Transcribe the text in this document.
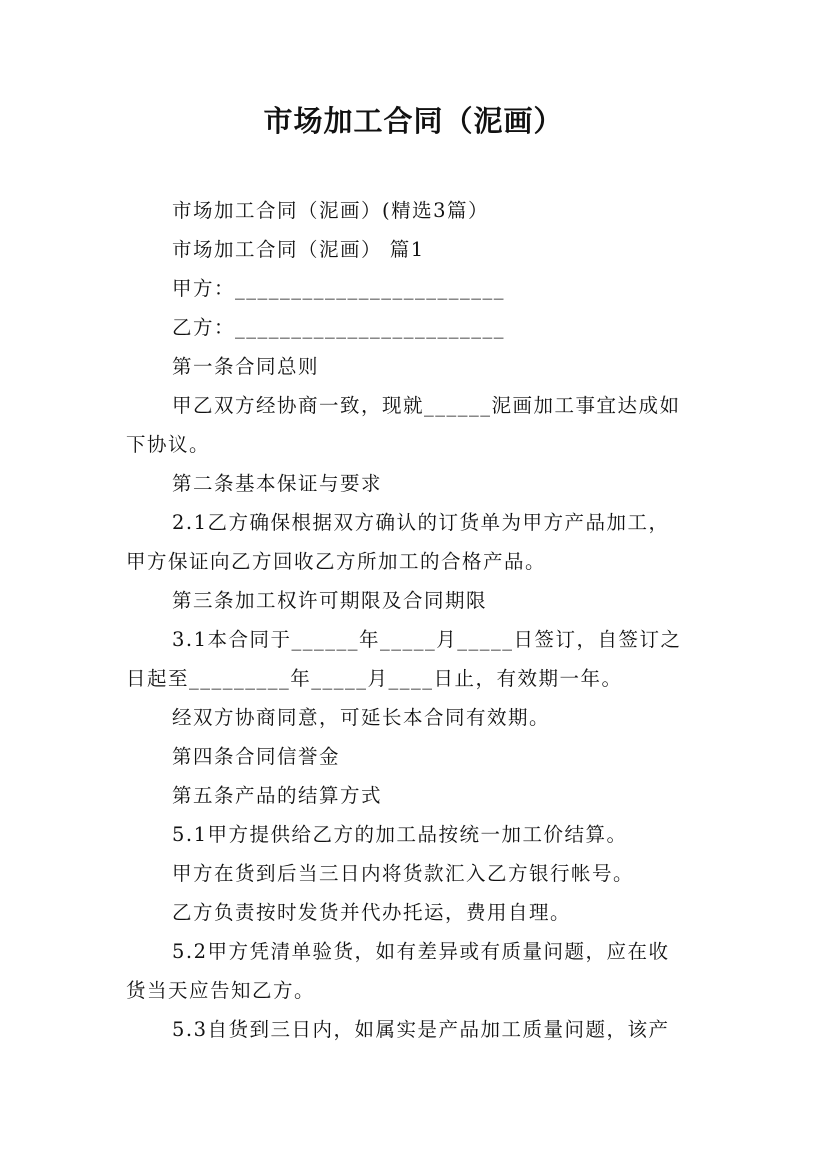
市场加工合同（泥画）
市场加工合同（泥画）(精选3篇）
市场加工合同（泥画） 篇1
甲方：________________________
乙方：________________________
第一条合同总则
甲乙双方经协商一致，现就______泥画加工事宜达成如
下协议。
第二条基本保证与要求
2.1乙方确保根据双方确认的订货单为甲方产品加工，
甲方保证向乙方回收乙方所加工的合格产品。
第三条加工权许可期限及合同期限
3.1本合同于______年_____月_____日签订，自签订之
日起至_________年_____月____日止，有效期一年。
经双方协商同意，可延长本合同有效期。
第四条合同信誉金
第五条产品的结算方式
5.1甲方提供给乙方的加工品按统一加工价结算。
甲方在货到后当三日内将货款汇入乙方银行帐号。
乙方负责按时发货并代办托运，费用自理。
5.2甲方凭清单验货，如有差异或有质量问题，应在收
货当天应告知乙方。
5.3自货到三日内，如属实是产品加工质量问题，该产
